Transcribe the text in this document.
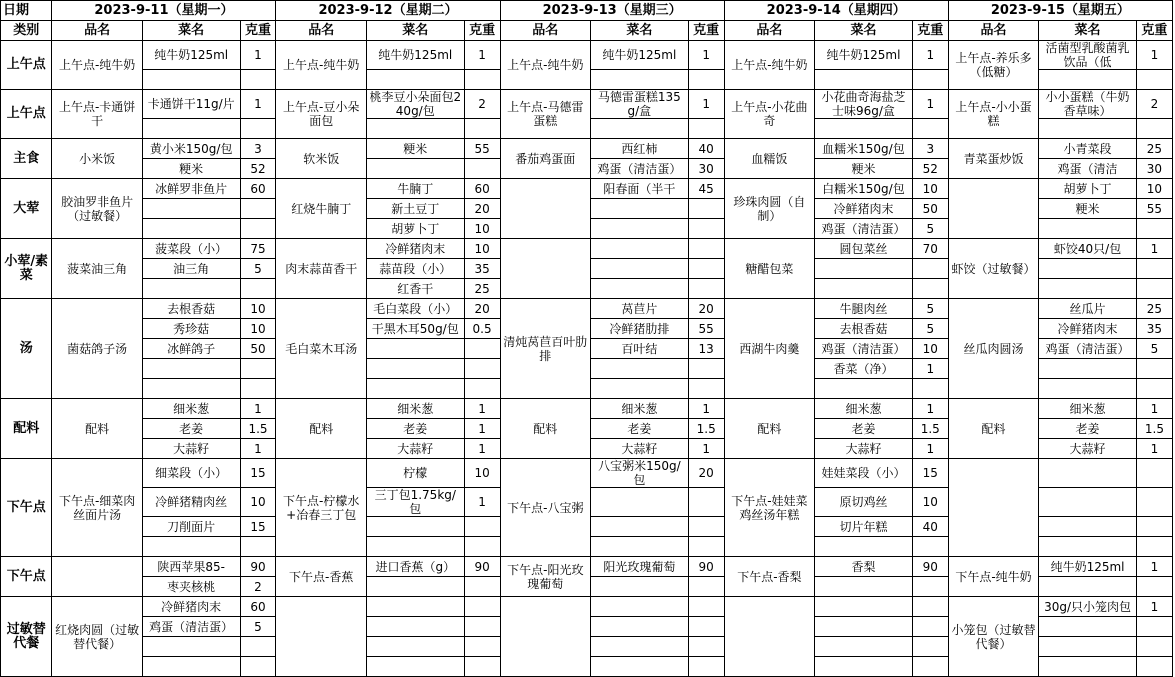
日期	2023-9-11（星期一）			2023-9-12（星期二）			2023-9-13（星期三）			2023-9-14（星期四）			2023-9-15（星期五）		
类别	品名	菜名	克重	品名	菜名	克重	品名	菜名	克重	品名	菜名	克重	品名	菜名	克重
上午点	上午点-纯牛奶	纯牛奶125ml	1	上午点-纯牛奶	纯牛奶125ml	1	上午点-纯牛奶	纯牛奶125ml	1	上午点-纯牛奶	纯牛奶125ml	1	上午点-养乐多（低糖）	活菌型乳酸菌乳饮品（低	1

上午点	上午点-卡通饼干	卡通饼干11g/片	1	上午点-豆小朵面包	桃李豆小朵面包240g/包	2	上午点-马德雷蛋糕	马德雷蛋糕135g/盒	1	上午点-小花曲奇	小花曲奇海盐芝士味96g/盒	1	上午点-小小蛋糕	小小蛋糕（牛奶香草味）	2

主食	小米饭	黄小米150g/包	3	软米饭	粳米	55	番茄鸡蛋面	西红柿	40	血糯饭	血糯米150g/包	3	青菜蛋炒饭	小青菜段	25
		粳米	52					鸡蛋（清洁蛋）	30		粳米	52		鸡蛋（清洁	30
大荤	胶油罗非鱼片（过敏餐）	冰鲜罗非鱼片	60	红烧牛腩丁	牛腩丁	60		阳春面（半干	45	珍珠肉圆（自制）	白糯米150g/包	10		胡萝卜丁	10
					新土豆丁	20					冷鲜猪肉末	50		粳米	55
					胡萝卜丁	10					鸡蛋（清洁蛋）	5			
小荤/素菜	菠菜油三角	菠菜段（小）	75	肉末蒜苗香干	冷鲜猪肉末	10				糖醋包菜	圆包菜丝	70	虾饺（过敏餐）	虾饺40只/包	1
		油三角	5		蒜苗段（小）	35									
					红香干	25									
汤	菌菇鸽子汤	去根香菇	10	毛白菜木耳汤	毛白菜段（小）	20	清炖莴苣百叶肋排	莴苣片	20	西湖牛肉羹	牛腿肉丝	5	丝瓜肉圆汤	丝瓜片	25
		秀珍菇	10		干黑木耳50g/包	0.5		冷鲜猪肋排	55		去根香菇	5		冷鲜猪肉末	35
		冰鲜鸽子	50					百叶结	13		鸡蛋（清洁蛋）	10		鸡蛋（清洁蛋）	5
											香菜（净）	1			

配料	配料	细米葱	1	配料	细米葱	1	配料	细米葱	1	配料	细米葱	1	配料	细米葱	1
		老姜	1.5		老姜	1		老姜	1.5		老姜	1.5		老姜	1.5
		大蒜籽	1		大蒜籽	1		大蒜籽	1		大蒜籽	1		大蒜籽	1
下午点	下午点-细菜肉丝面片汤	细菜段（小）	15	下午点-柠檬水+冶春三丁包	柠檬	10	下午点-八宝粥	八宝粥米150g/包	20	下午点-娃娃菜鸡丝汤年糕	娃娃菜段（小）	15			
		冷鲜猪精肉丝	10		三丁包1.75kg/包	1					原切鸡丝	10			
		刀削面片	15								切片年糕	40			

下午点		陕西苹果85-	90	下午点-香蕉	进口香蕉（g）	90	下午点-阳光玫瑰葡萄	阳光玫瑰葡萄	90	下午点-香梨	香梨	90	下午点-纯牛奶	纯牛奶125ml	1
		枣夹核桃	2												
过敏替代餐	红烧肉圆（过敏替代餐）	冷鲜猪肉末	60										小笼包（过敏替代餐）	30g/只小笼肉包	1
		鸡蛋（清洁蛋）	5												
